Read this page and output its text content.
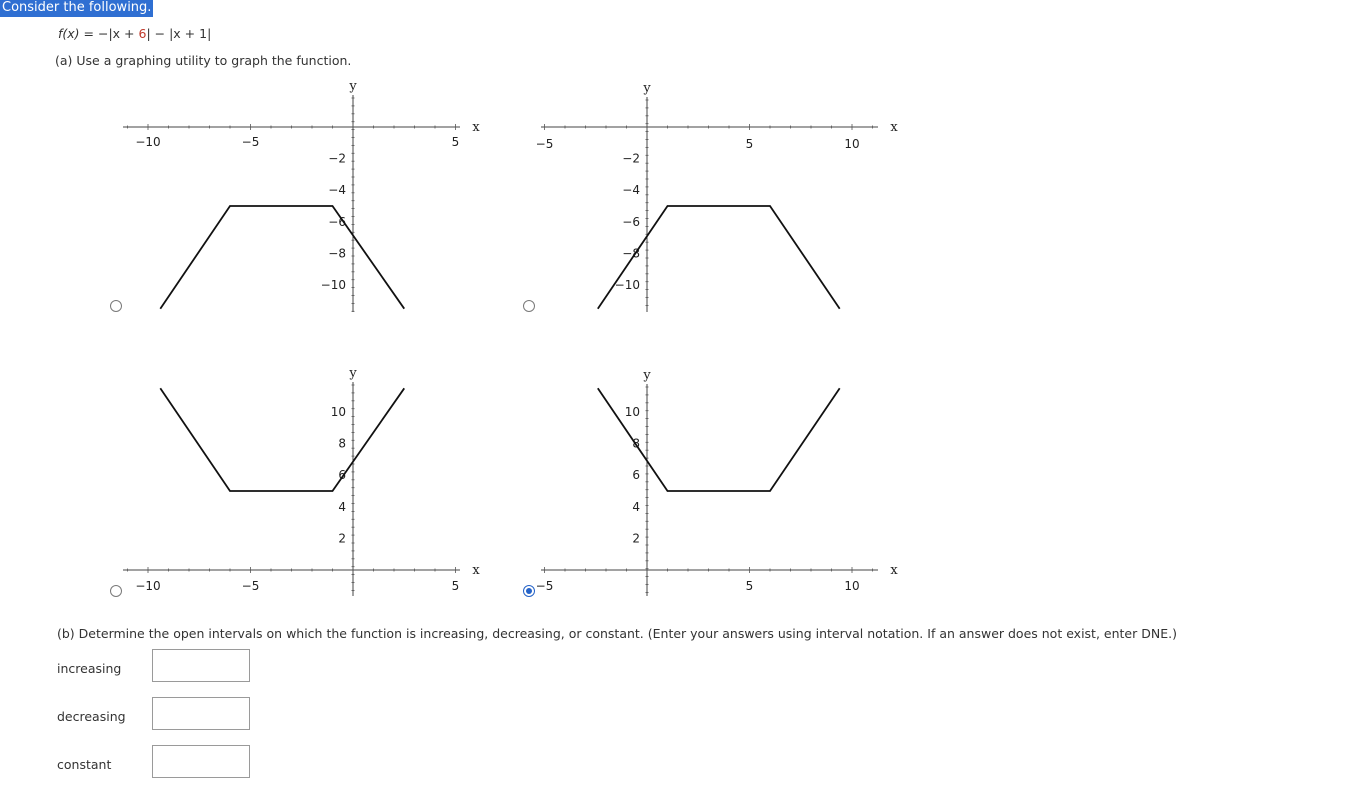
Consider the following.
f(x) = −|x + 6| − |x + 1|
(a) Use a graphing utility to graph the function.
−10	−5	5
−2
−4
−6
−8
−10
y
x
−5	5	10
−2
−4
−6
−8
−10
y
x
−10	−5	5
10
8
6
4
2
y
x
−5	5	10
10
8
6
4
2
y
x
(b) Determine the open intervals on which the function is increasing, decreasing, or constant. (Enter your answers using interval notation. If an answer does not exist, enter DNE.)
increasing
decreasing
constant
